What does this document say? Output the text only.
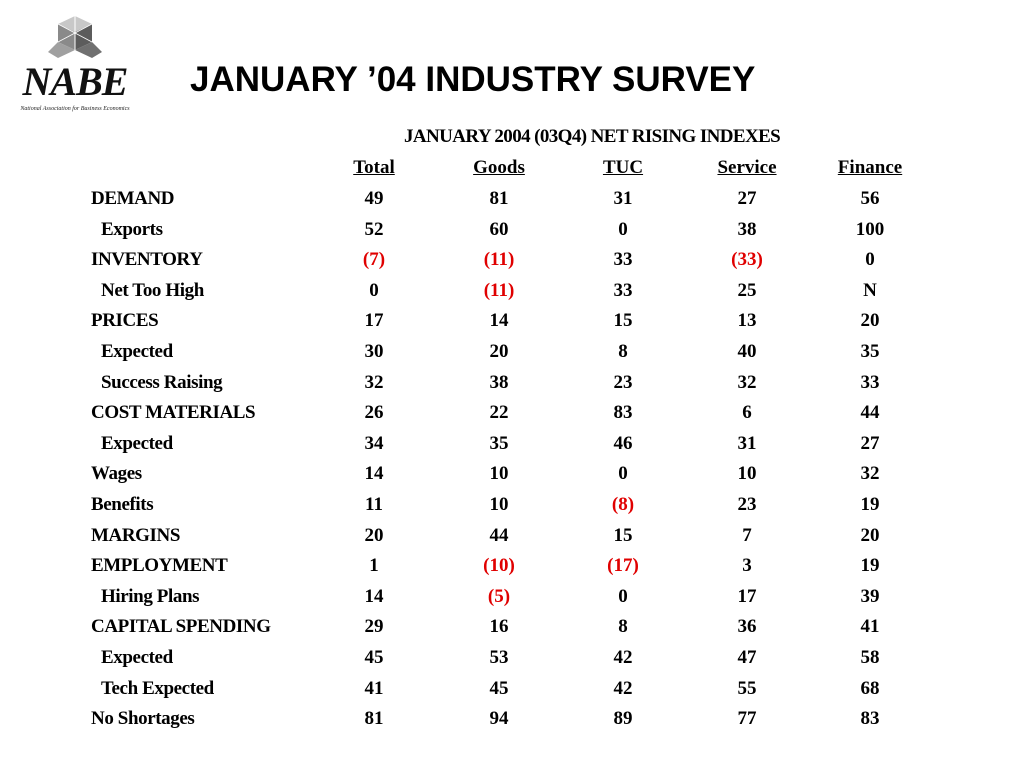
NABE
National Association for Business Economics
JANUARY ’04 INDUSTRY SURVEY
JANUARY 2004 (03Q4) NET RISING INDEXES
Total	Goods	TUC	Service	Finance
DEMAND	49	81	31	27	56
Exports	52	60	0	38	100
INVENTORY	(7)	(11)	33	(33)	0
Net Too High	0	(11)	33	25	N
PRICES	17	14	15	13	20
Expected	30	20	8	40	35
Success Raising	32	38	23	32	33
COST MATERIALS	26	22	83	6	44
Expected	34	35	46	31	27
Wages	14	10	0	10	32
Benefits	11	10	(8)	23	19
MARGINS	20	44	15	7	20
EMPLOYMENT	1	(10)	(17)	3	19
Hiring Plans	14	(5)	0	17	39
CAPITAL SPENDING	29	16	8	36	41
Expected	45	53	42	47	58
Tech Expected	41	45	42	55	68
No Shortages	81	94	89	77	83
